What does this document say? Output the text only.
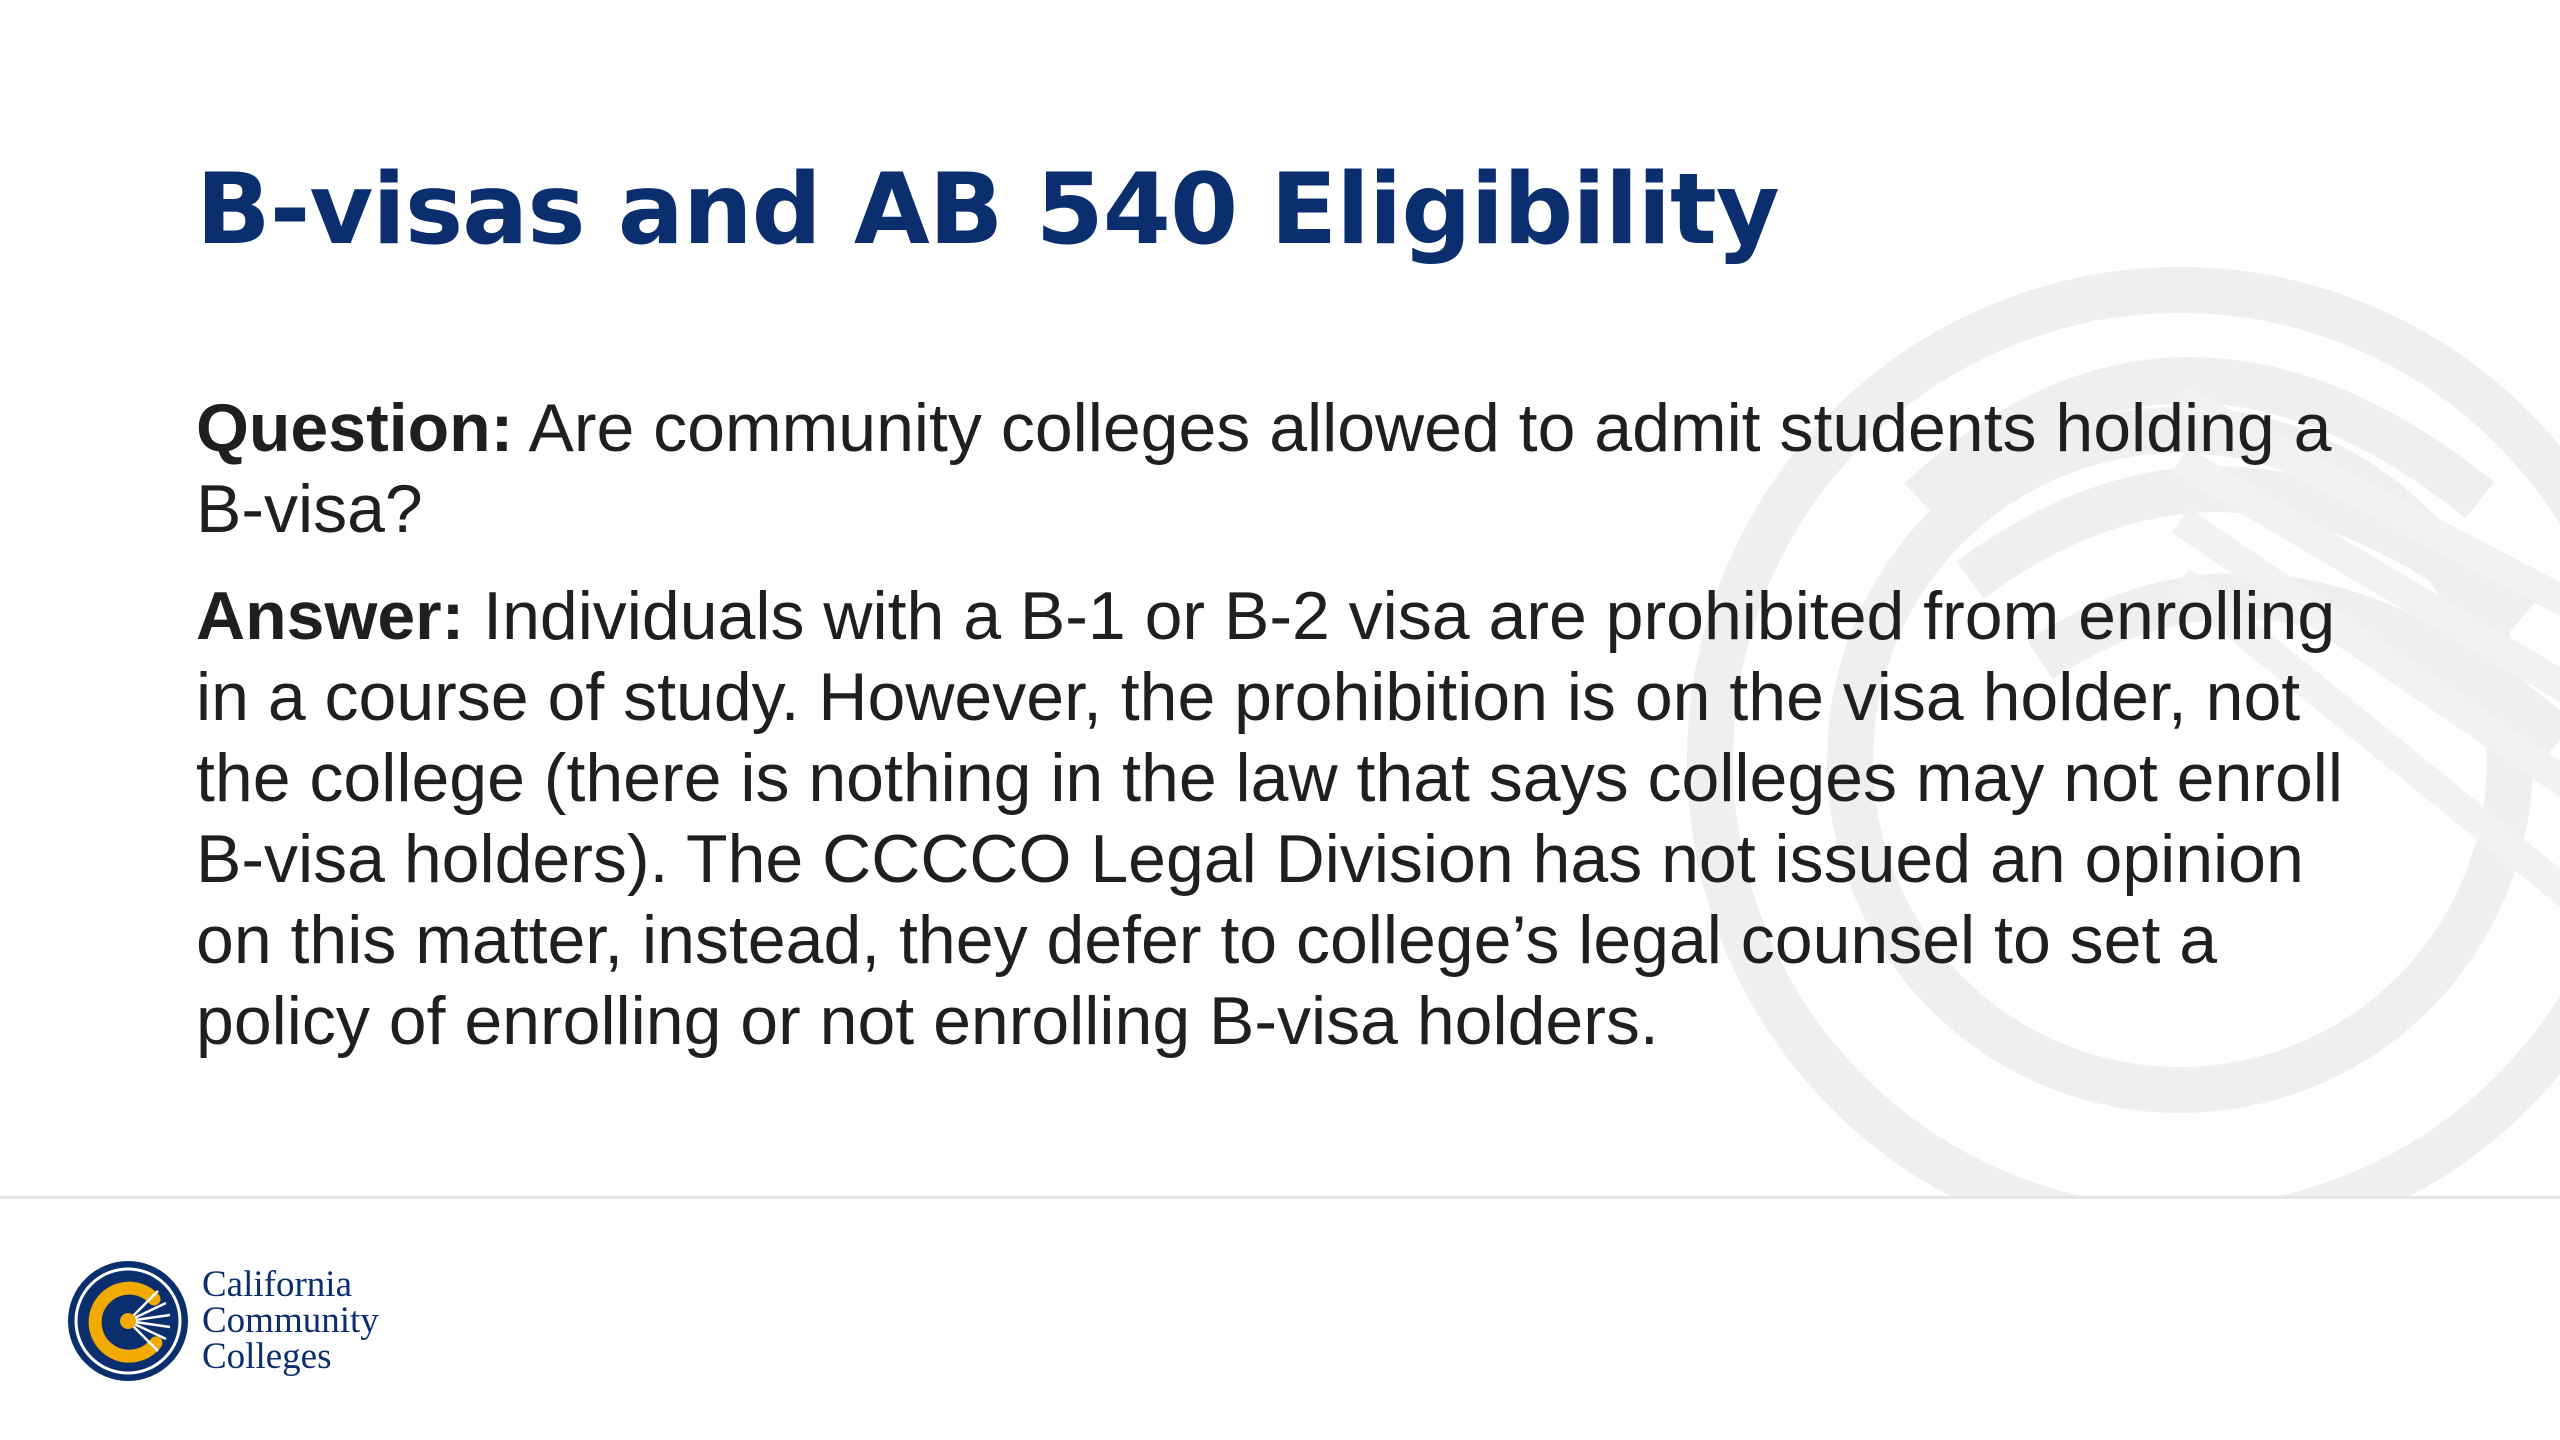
B-visas and AB 540 Eligibility

Question: Are community colleges allowed to admit students holding a B-visa?

Answer: Individuals with a B-1 or B-2 visa are prohibited from enrolling in a course of study. However, the prohibition is on the visa holder, not the college (there is nothing in the law that says colleges may not enroll B-visa holders). The CCCCO Legal Division has not issued an opinion on this matter, instead, they defer to college’s legal counsel to set a policy of enrolling or not enrolling B-visa holders.

California
Community
Colleges
